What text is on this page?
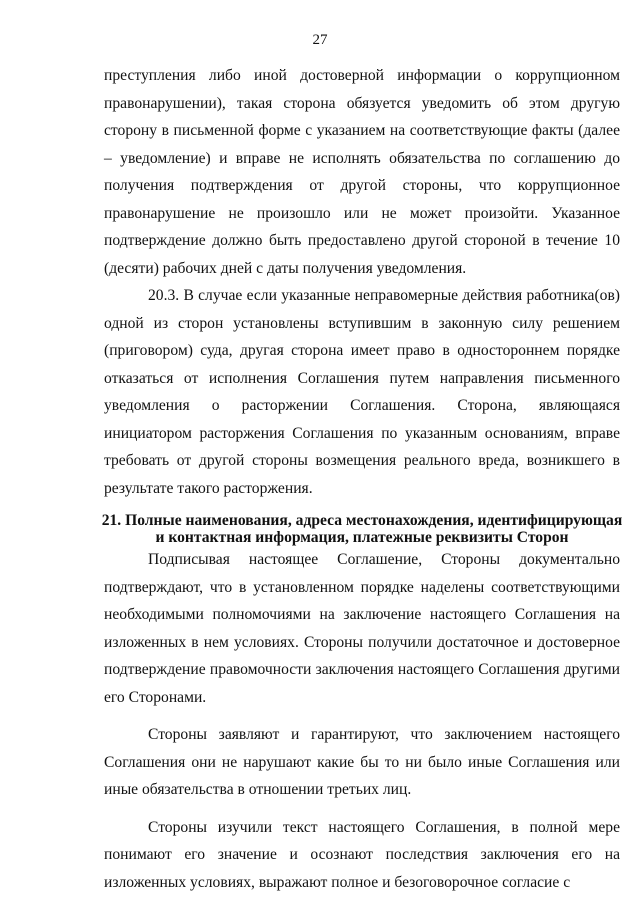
27

преступления либо иной достоверной информации о коррупционном правонарушении), такая сторона обязуется уведомить об этом другую сторону в письменной форме с указанием на соответствующие факты (далее – уведомление) и вправе не исполнять обязательства по соглашению до получения подтверждения от другой стороны, что коррупционное правонарушение не произошло или не может произойти. Указанное подтверждение должно быть предоставлено другой стороной в течение 10 (десяти) рабочих дней с даты получения уведомления.

20.3. В случае если указанные неправомерные действия работника(ов) одной из сторон установлены вступившим в законную силу решением (приговором) суда, другая сторона имеет право в одностороннем порядке отказаться от исполнения Соглашения путем направления письменного уведомления о расторжении Соглашения. Сторона, являющаяся инициатором расторжения Соглашения по указанным основаниям, вправе требовать от другой стороны возмещения реального вреда, возникшего в результате такого расторжения.

21. Полные наименования, адреса местонахождения, идентифицирующая и контактная информация, платежные реквизиты Сторон

Подписывая настоящее Соглашение, Стороны документально подтверждают, что в установленном порядке наделены соответствующими необходимыми полномочиями на заключение настоящего Соглашения на изложенных в нем условиях. Стороны получили достаточное и достоверное подтверждение правомочности заключения настоящего Соглашения другими его Сторонами.

Стороны заявляют и гарантируют, что заключением настоящего Соглашения они не нарушают какие бы то ни было иные Соглашения или иные обязательства в отношении третьих лиц.

Стороны изучили текст настоящего Соглашения, в полной мере понимают его значение и осознают последствия заключения его на изложенных условиях, выражают полное и безоговорочное согласие с
